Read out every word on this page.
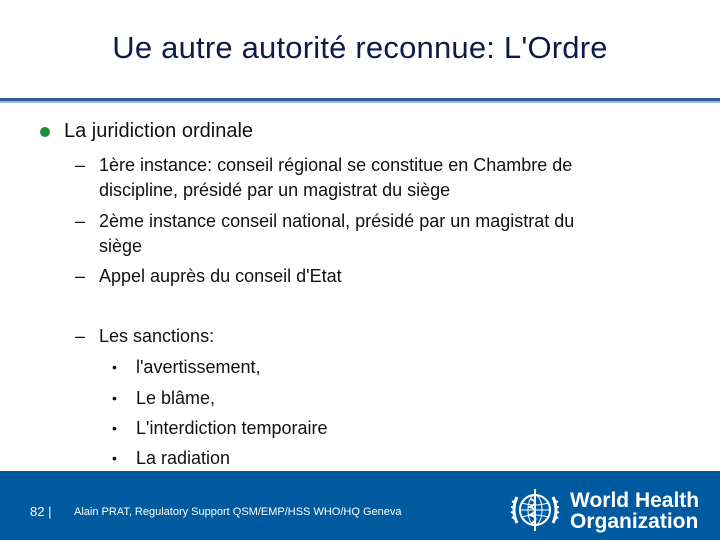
Ue autre autorité reconnue: L'Ordre
La juridiction ordinale
– 1ère instance: conseil régional se constitue en Chambre de
discipline, présidé par un magistrat du siège
– 2ème instance conseil national, présidé par un magistrat du
siège
– Appel auprès du conseil d'Etat
– Les sanctions:
• l'avertissement,
• Le blâme,
• L'interdiction temporaire
• La radiation
82 | Alain PRAT, Regulatory Support QSM/EMP/HSS WHO/HQ Geneva	World Health
Organization
